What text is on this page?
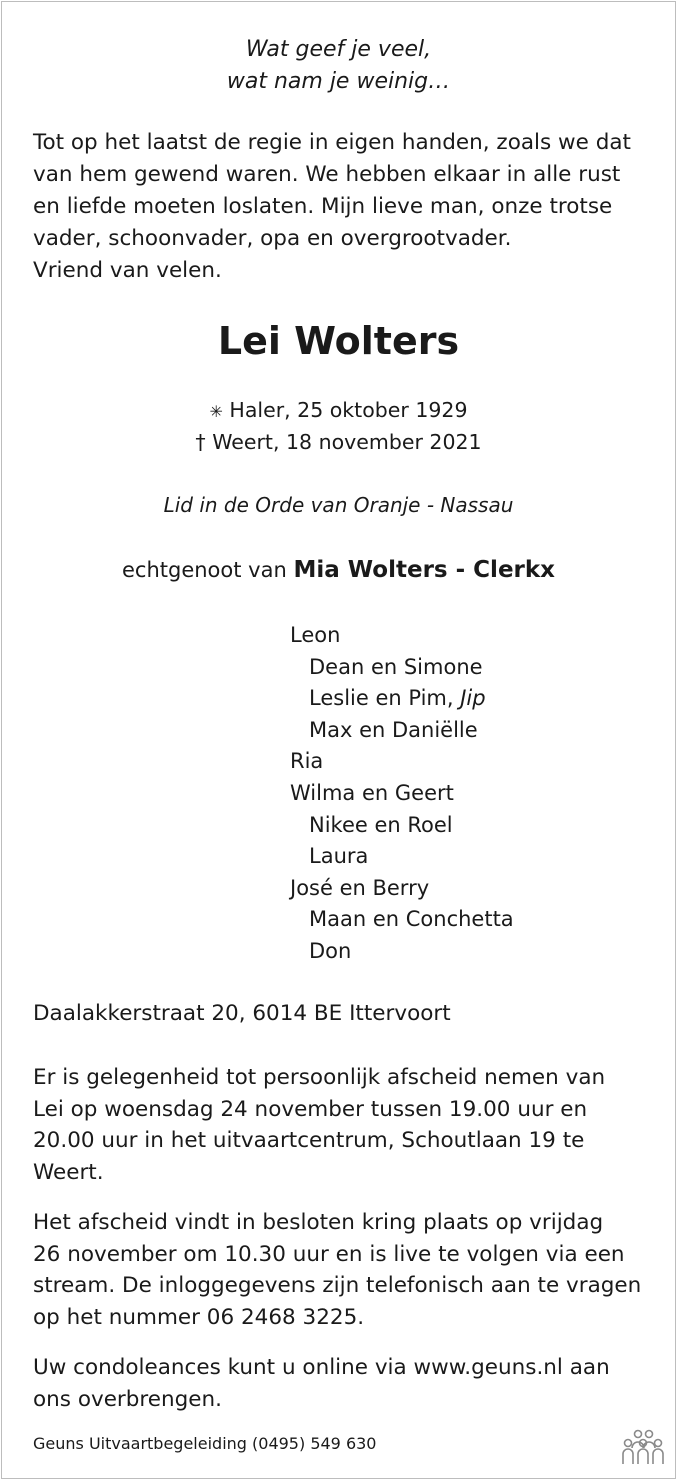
Wat geef je veel,
wat nam je weinig…
Tot op het laatst de regie in eigen handen, zoals we dat
van hem gewend waren. We hebben elkaar in alle rust
en liefde moeten loslaten. Mijn lieve man, onze trotse
vader, schoonvader, opa en overgrootvader.
Vriend van velen.
Lei Wolters
✳ Haler, 25 oktober 1929
† Weert, 18 november 2021
Lid in de Orde van Oranje - Nassau
echtgenoot van Mia Wolters - Clerkx
Leon
Dean en Simone
Leslie en Pim, Jip
Max en Daniëlle
Ria
Wilma en Geert
Nikee en Roel
Laura
José en Berry
Maan en Conchetta
Don
Daalakkerstraat 20, 6014 BE Ittervoort
Er is gelegenheid tot persoonlijk afscheid nemen van
Lei op woensdag 24 november tussen 19.00 uur en
20.00 uur in het uitvaartcentrum, Schoutlaan 19 te
Weert.
Het afscheid vindt in besloten kring plaats op vrijdag
26 november om 10.30 uur en is live te volgen via een
stream. De inloggegevens zijn telefonisch aan te vragen
op het nummer 06 2468 3225.
Uw condoleances kunt u online via www.geuns.nl aan
ons overbrengen.
Geuns Uitvaartbegeleiding (0495) 549 630
